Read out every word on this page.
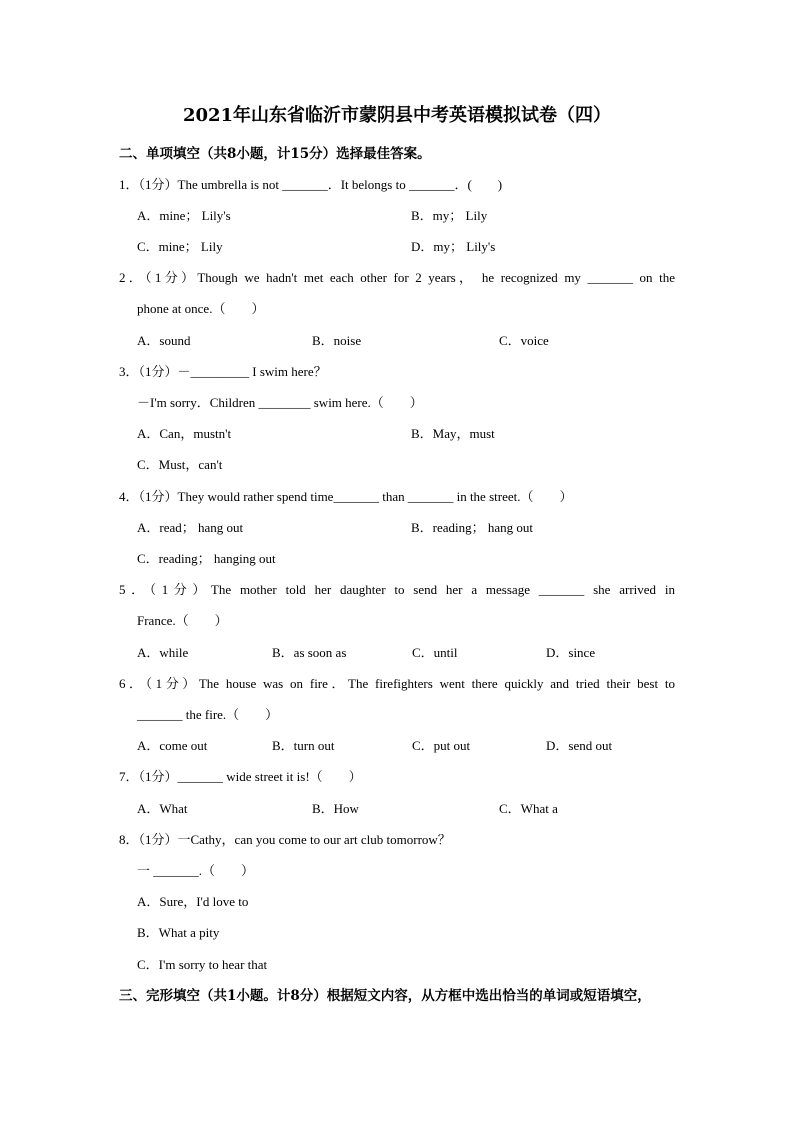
2021年山东省临沂市蒙阴县中考英语模拟试卷（四）
二、单项填空（共8小题，计15分）选择最佳答案。
1．（1分）The umbrella is not _______．It belongs to _______．(　　)
A．mine； Lily's	B．my； Lily
C．mine； Lily	D．my； Lily's
2．（1分）Though we hadn't met each other for 2 years， he recognized my _______ on the
phone at once.（　　）
A．sound	B．noise	C．voice
3．（1分）－_________ I swim here？
－I'm sorry．Children ________ swim here.（　　）
A．Can，mustn't	B．May，must
C．Must，can't
4．（1分）They would rather spend time_______ than _______ in the street.（　　）
A．read； hang out	B．reading； hang out
C．reading； hanging out
5．（1分）The mother told her daughter to send her a message _______ she arrived in
France.（　　）
A．while	B．as soon as	C．until	D．since
6．（1分）The house was on fire．The firefighters went there quickly and tried their best to
_______ the fire.（　　）
A．come out	B．turn out	C．put out	D．send out
7．（1分）_______ wide street it is!（　　）
A．What	B．How	C．What a
8．（1分）一Cathy，can you come to our art club tomorrow？
一 _______.（　　）
A．Sure，I'd love to
B．What a pity
C．I'm sorry to hear that
三、完形填空（共1小题。计8分）根据短文内容，从方框中选出恰当的单词或短语填空，
